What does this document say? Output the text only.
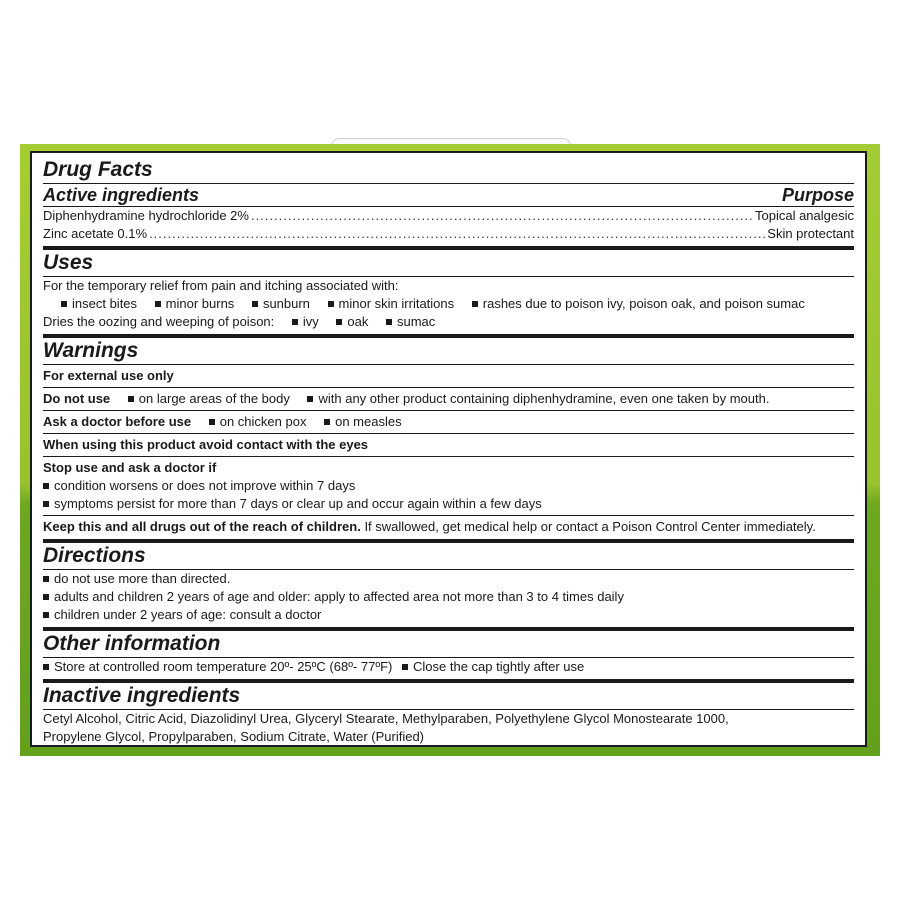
Drug Facts
Active ingredients	Purpose
Diphenhydramine hydrochloride 2% .....	Topical analgesic
Zinc acetate 0.1% .....	Skin protectant
Uses
For the temporary relief from pain and itching associated with:
insect bites minor burns sunburn minor skin irritations rashes due to poison ivy, poison oak, and poison sumac
Dries the oozing and weeping of poison: ivy oak sumac
Warnings
For external use only
Do not use on large areas of the body with any other product containing diphenhydramine, even one taken by mouth.
Ask a doctor before use on chicken pox on measles
When using this product avoid contact with the eyes
Stop use and ask a doctor if
condition worsens or does not improve within 7 days
symptoms persist for more than 7 days or clear up and occur again within a few days
Keep this and all drugs out of the reach of children. If swallowed, get medical help or contact a Poison Control Center immediately.
Directions
do not use more than directed.
adults and children 2 years of age and older: apply to affected area not more than 3 to 4 times daily
children under 2 years of age: consult a doctor
Other information
Store at controlled room temperature 20º- 25ºC (68º- 77ºF) Close the cap tightly after use
Inactive ingredients
Cetyl Alcohol, Citric Acid, Diazolidinyl Urea, Glyceryl Stearate, Methylparaben, Polyethylene Glycol Monostearate 1000,
Propylene Glycol, Propylparaben, Sodium Citrate, Water (Purified)
